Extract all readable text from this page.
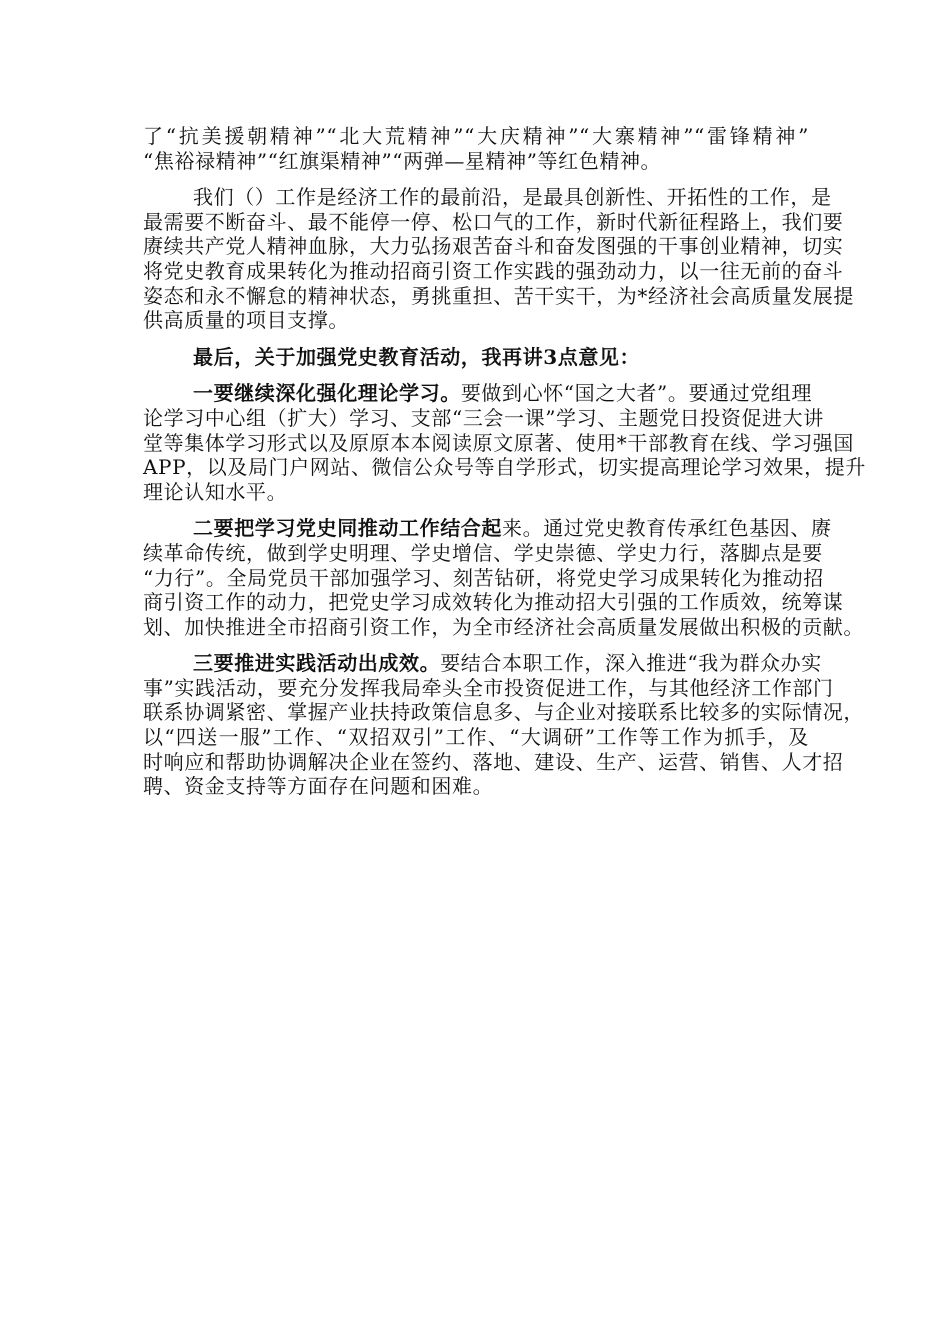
了“抗美援朝精神”“北大荒精神”“大庆精神”“大寨精神”“雷锋精神”
“焦裕禄精神”“红旗渠精神”“两弹—星精神”等红色精神。
我们（）工作是经济工作的最前沿，是最具创新性、开拓性的工作，是
最需要不断奋斗、最不能停一停、松口气的工作，新时代新征程路上，我们要
赓续共产党人精神血脉，大力弘扬艰苦奋斗和奋发图强的干事创业精神，切实
将党史教育成果转化为推动招商引资工作实践的强劲动力，以一往无前的奋斗
姿态和永不懈怠的精神状态，勇挑重担、苦干实干，为*经济社会高质量发展提
供高质量的项目支撑。
最后，关于加强党史教育活动，我再讲3点意见：
一要继续深化强化理论学习。要做到心怀“国之大者”。要通过党组理
论学习中心组（扩大）学习、支部“三会一课”学习、主题党日投资促进大讲
堂等集体学习形式以及原原本本阅读原文原著、使用*干部教育在线、学习强国
APP，以及局门户网站、微信公众号等自学形式，切实提高理论学习效果，提升
理论认知水平。
二要把学习党史同推动工作结合起来。通过党史教育传承红色基因、赓
续革命传统，做到学史明理、学史增信、学史崇德、学史力行，落脚点是要
“力行”。全局党员干部加强学习、刻苦钻研，将党史学习成果转化为推动招
商引资工作的动力，把党史学习成效转化为推动招大引强的工作质效，统筹谋
划、加快推进全市招商引资工作，为全市经济社会高质量发展做出积极的贡献。
三要推进实践活动出成效。要结合本职工作，深入推进“我为群众办实
事”实践活动，要充分发挥我局牵头全市投资促进工作，与其他经济工作部门
联系协调紧密、掌握产业扶持政策信息多、与企业对接联系比较多的实际情况，
以“四送一服”工作、“双招双引”工作、“大调研”工作等工作为抓手，及
时响应和帮助协调解决企业在签约、落地、建设、生产、运营、销售、人才招
聘、资金支持等方面存在问题和困难。
